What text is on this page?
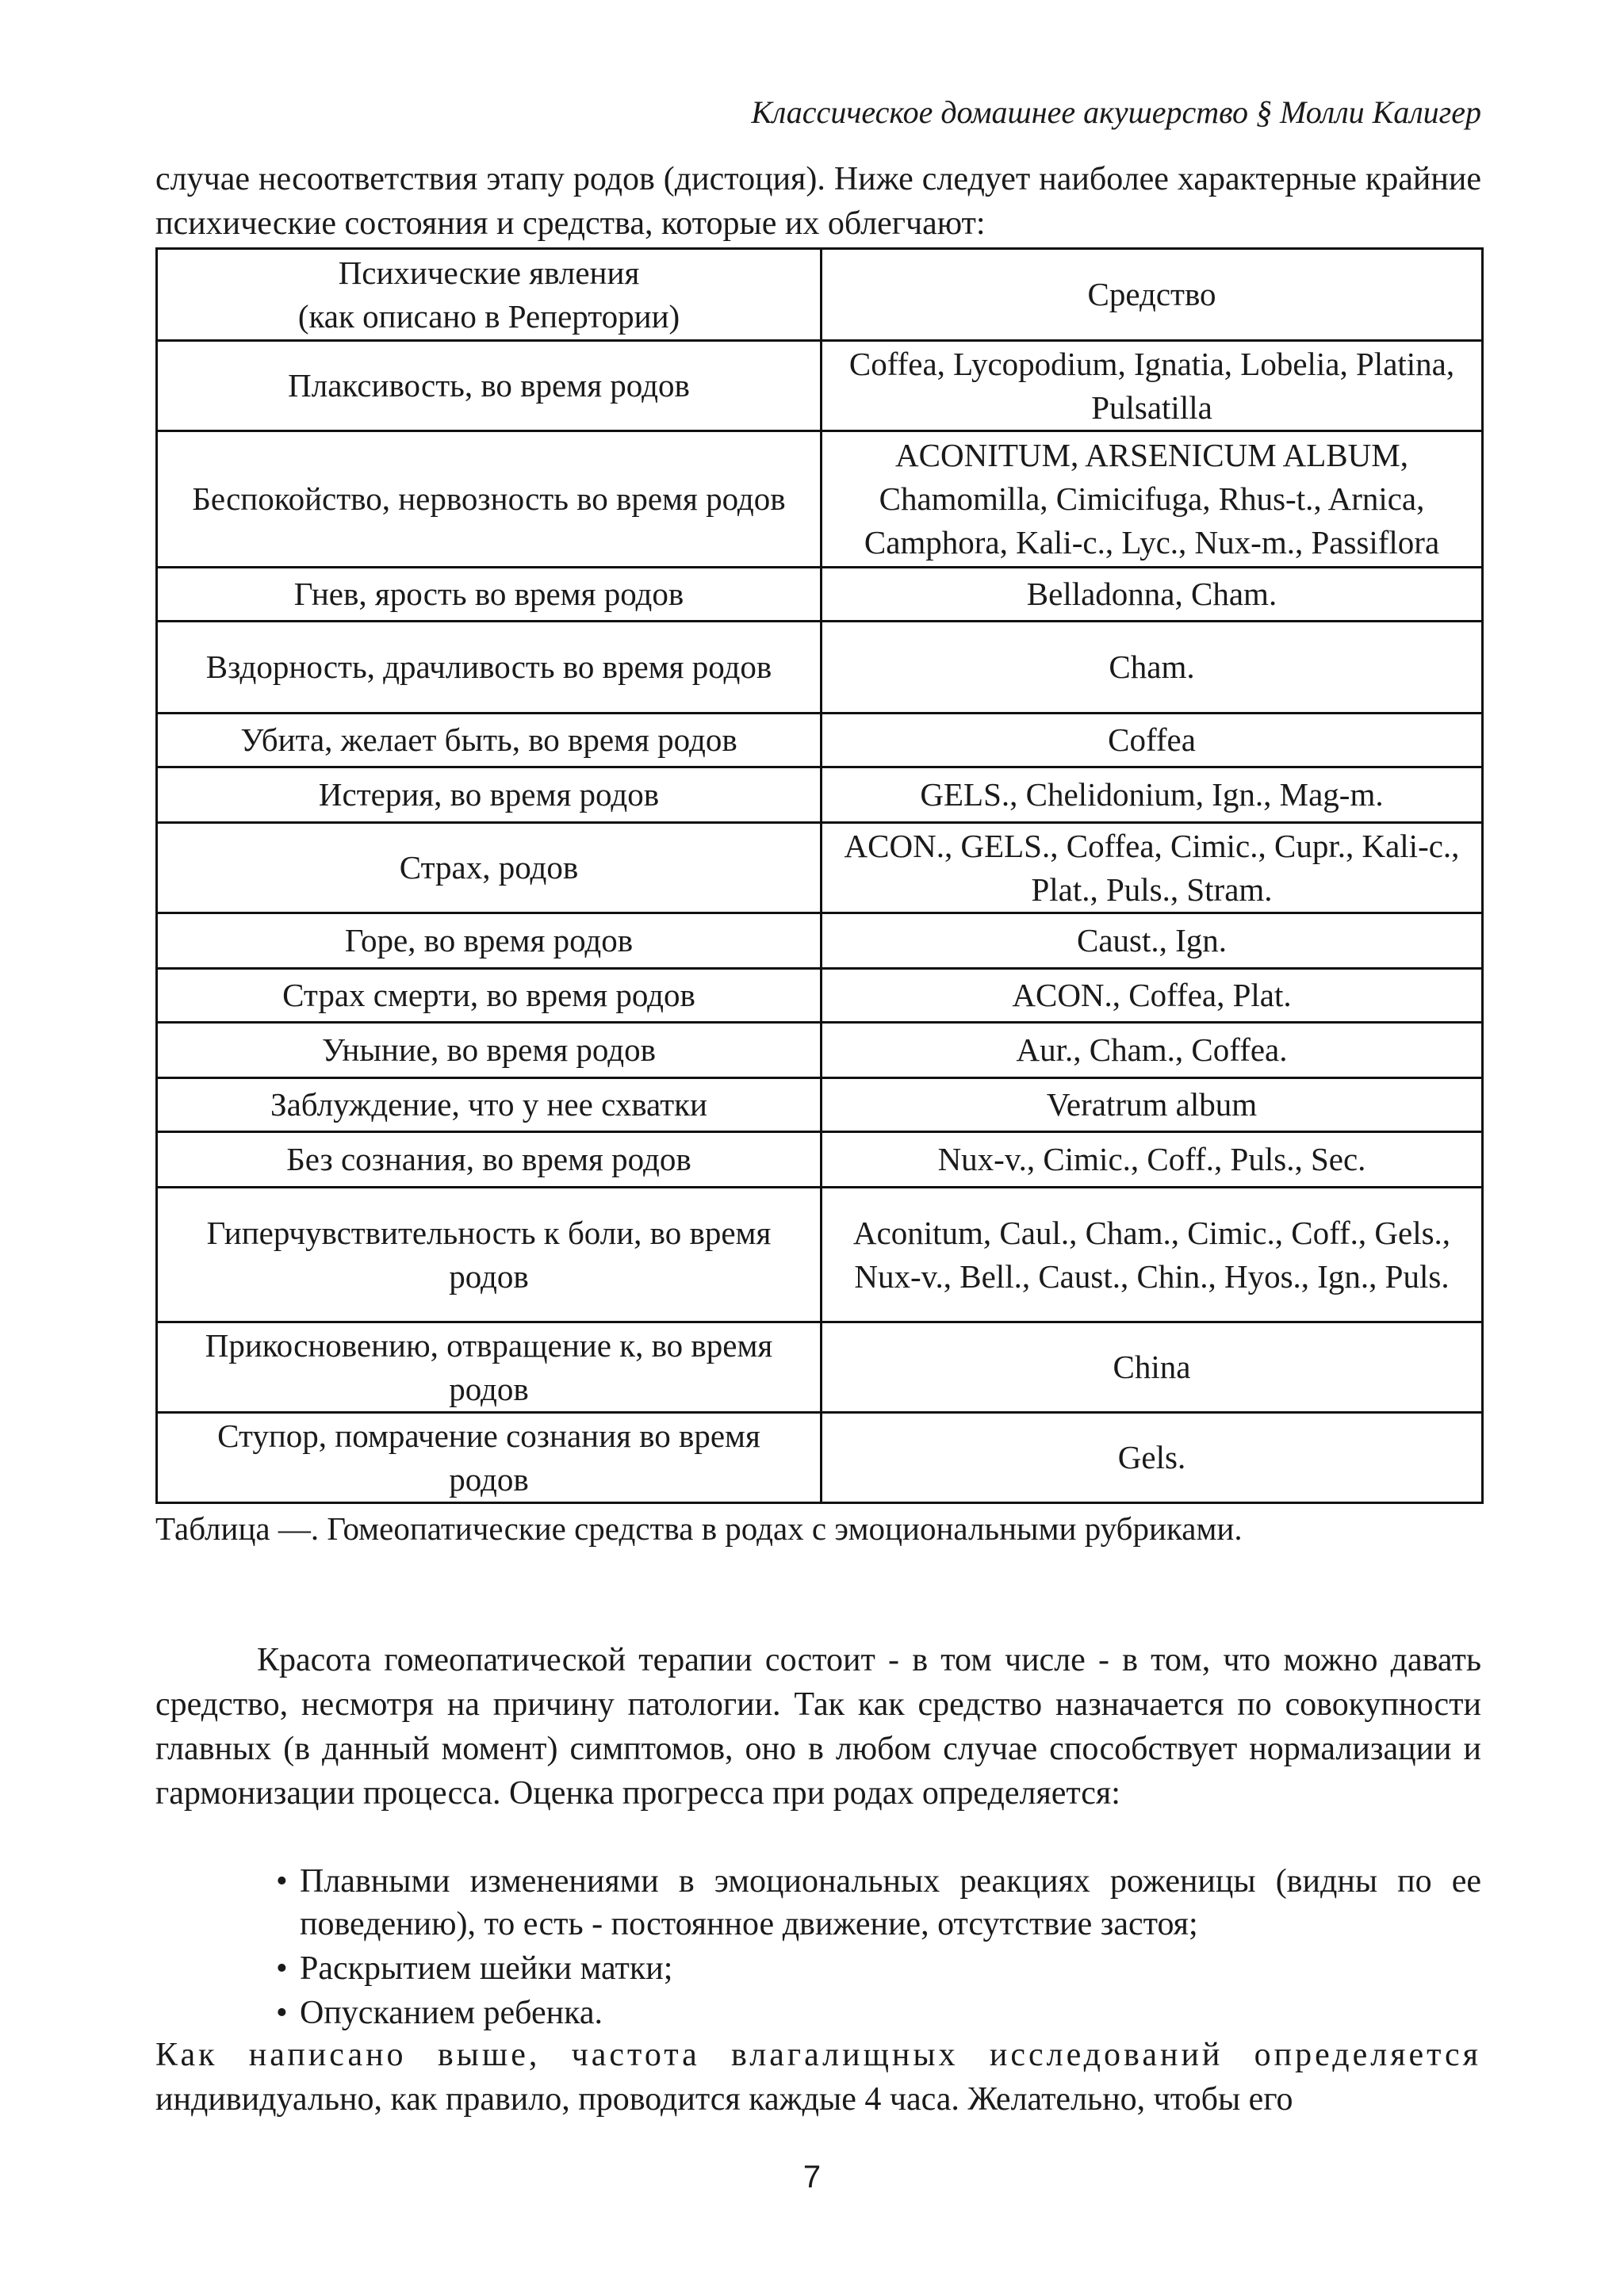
Классическое домашнее акушерство § Молли Калигер

случае несоответствия этапу родов (дистоция). Ниже следует наиболее характерные крайние психические состояния и средства, которые их облегчают:

Психические явления
(как описано в Репертории)	Средство
Плаксивость, во время родов	Coffea, Lycopodium, Ignatia, Lobelia, Platina, Pulsatilla
Беспокойство, нервозность во время родов	ACONITUM, ARSENICUM ALBUM, Chamomilla, Cimicifuga, Rhus-t., Arnica, Camphora, Kali-c., Lyc., Nux-m., Passiflora
Гнев, ярость во время родов	Belladonna, Cham.
Вздорность, драчливость во время родов	Cham.
Убита, желает быть, во время родов	Coffea
Истерия, во время родов	GELS., Chelidonium, Ign., Mag-m.
Страх, родов	ACON., GELS., Coffea, Cimic., Cupr., Kali-c., Plat., Puls., Stram.
Горе, во время родов	Caust., Ign.
Страх смерти, во время родов	ACON., Coffea, Plat.
Уныние, во время родов	Aur., Cham., Coffea.
Заблуждение, что у нее схватки	Veratrum album
Без сознания, во время родов	Nux-v., Cimic., Coff., Puls., Sec.
Гиперчувствительность к боли, во время родов	Aconitum, Caul., Cham., Cimic., Coff., Gels., Nux-v., Bell., Caust., Chin., Hyos., Ign., Puls.
Прикосновению, отвращение к, во время родов	China
Ступор, помрачение сознания во время родов	Gels.
Таблица —. Гомеопатические средства в родах с эмоциональными рубриками.

Красота гомеопатической терапии состоит - в том числе - в том, что можно давать средство, несмотря на причину патологии. Так как средство назначается по совокупности главных (в данный момент) симптомов, оно в любом случае способствует нормализации и гармонизации процесса. Оценка прогресса при родах определяется:

• Плавными изменениями в эмоциональных реакциях роженицы (видны по ее поведению), то есть - постоянное движение, отсутствие застоя;
• Раскрытием шейки матки;
• Опусканием ребенка.

Как написано выше, частота влагалищных исследований определяется индивидуально, как правило, проводится каждые 4 часа. Желательно, чтобы его

7
